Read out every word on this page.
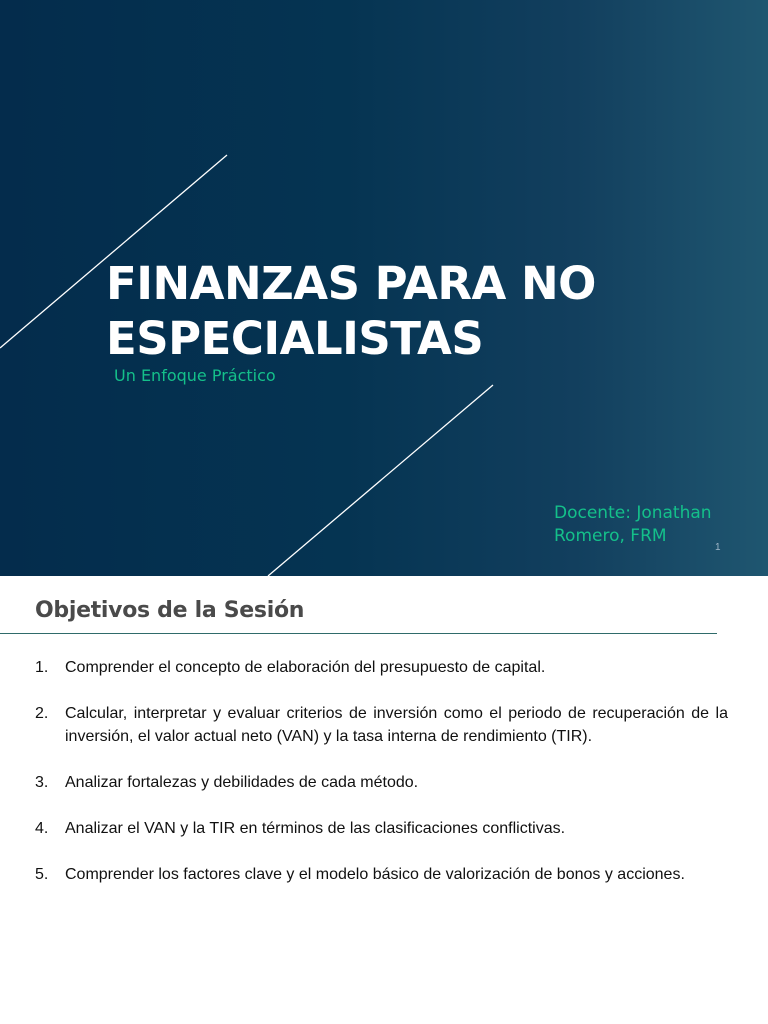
FINANZAS PARA NO ESPECIALISTAS
Un Enfoque Práctico
Docente: Jonathan Romero, FRM
1
Objetivos de la Sesión
1.	Comprender el concepto de elaboración del presupuesto de capital.
2.	Calcular, interpretar y evaluar criterios de inversión como el periodo de recuperación de la inversión, el valor actual neto (VAN) y la tasa interna de rendimiento (TIR).
3.	Analizar fortalezas y debilidades de cada método.
4.	Analizar el VAN y la TIR en términos de las clasificaciones conflictivas.
5.	Comprender los factores clave y el modelo básico de valorización de bonos y acciones.
